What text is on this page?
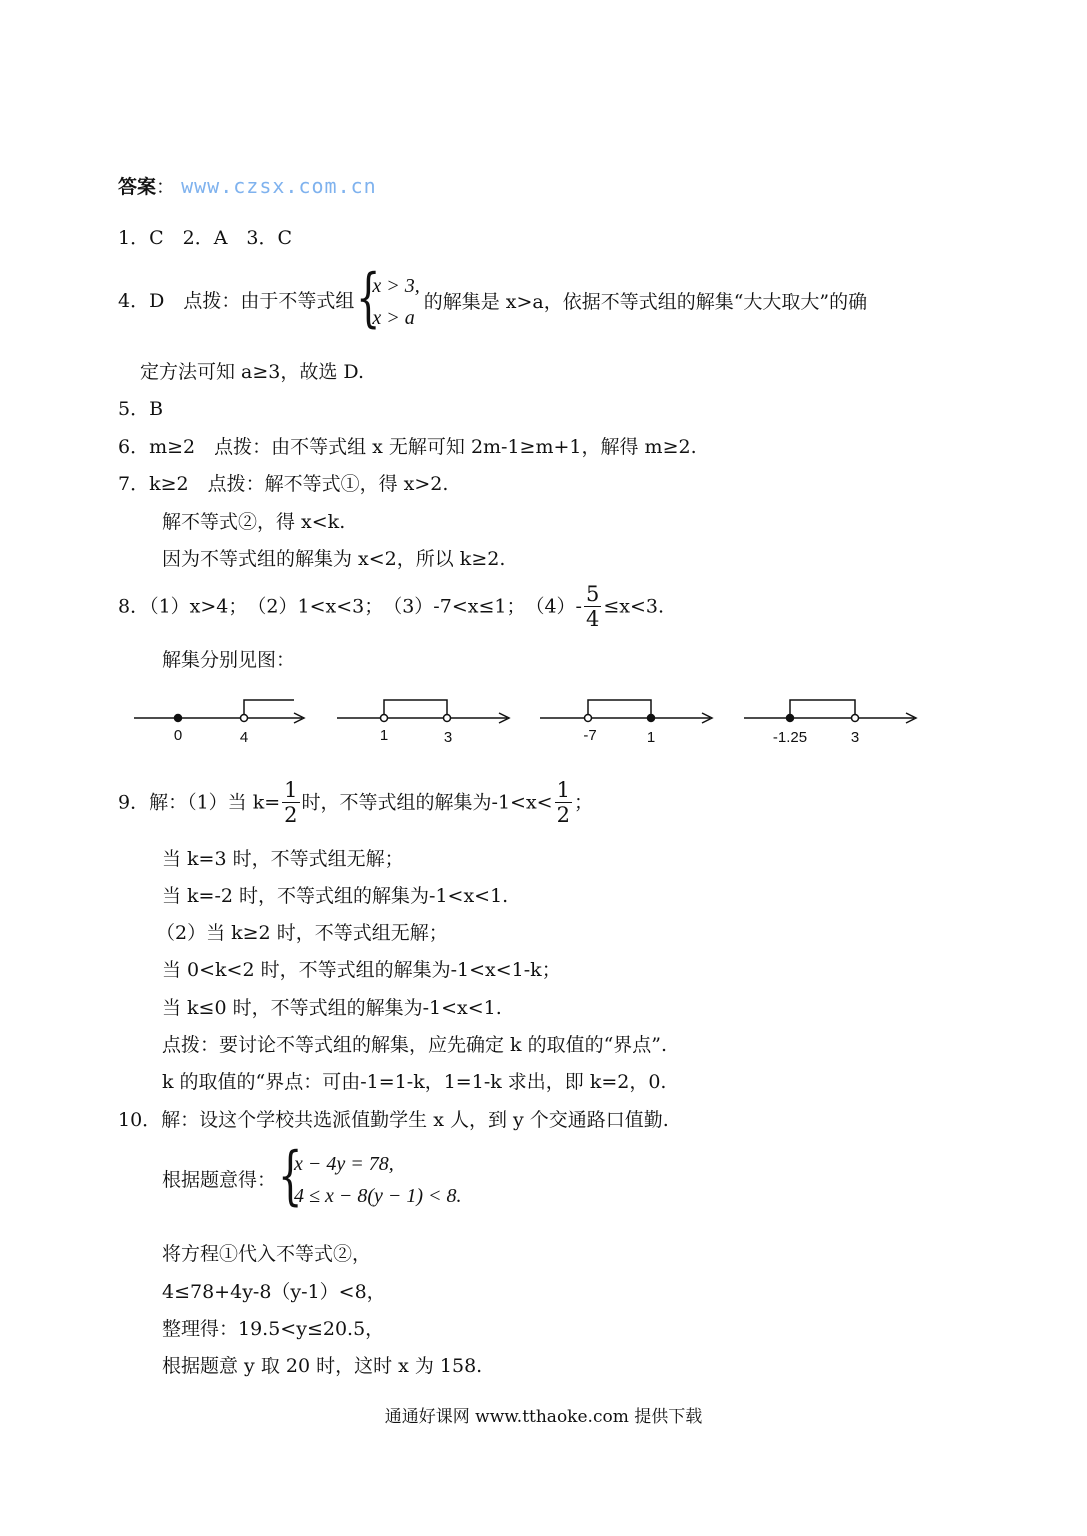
答案： www.czsx.com.cn
1．C　2．A　3．C
4．D　点拨：由于不等式组 {
x > 3,
x > a
的解集是 x>a，依据不等式组的解集“大大取大”的确
定方法可知 a≥3，故选 D.
5．B
6．m≥2　点拨：由不等式组 x 无解可知 2m-1≥m+1，解得 m≥2.
7．k≥2　点拨：解不等式①，得 x>2.
解不等式②，得 x<k.
因为不等式组的解集为 x<2，所以 k≥2.
8．（1）x>4；　（2）1<x<3；　（3）-7<x≤1；　$(4)- \frac{5}{4} \le x<3$.
解集分别见图：
0	4	1	3	-7	1	-1.25	3
9．解：（1）当 $k= \frac{1}{2}$ 时，不等式组的解集为$-1<x< \frac{1}{2}$ ；
当 k=3 时，不等式组无解；
当 k=-2 时，不等式组的解集为-1<x<1.
（2）当 k≥2 时，不等式组无解；
当 0<k<2 时，不等式组的解集为-1<x<1-k；
当 k≤0 时，不等式组的解集为-1<x<1.
点拨：要讨论不等式组的解集，应先确定 k 的取值的“界点”.
k 的取值的“界点：可由-1=1-k，1=1-k 求出，即 k=2，0.
10．解：设这个学校共选派值勤学生 x 人，到 y 个交通路口值勤.
根据题意得： {
x − 4y = 78,
4 ≤ x − 8(y − 1) < 8.
将方程①代入不等式②，
4≤78+4y-8（y-1）<8，
整理得：19.5<y≤20.5，
根据题意 y 取 20 时，这时 x 为 158.
通通好课网 www.tthaoke.com 提供下载
